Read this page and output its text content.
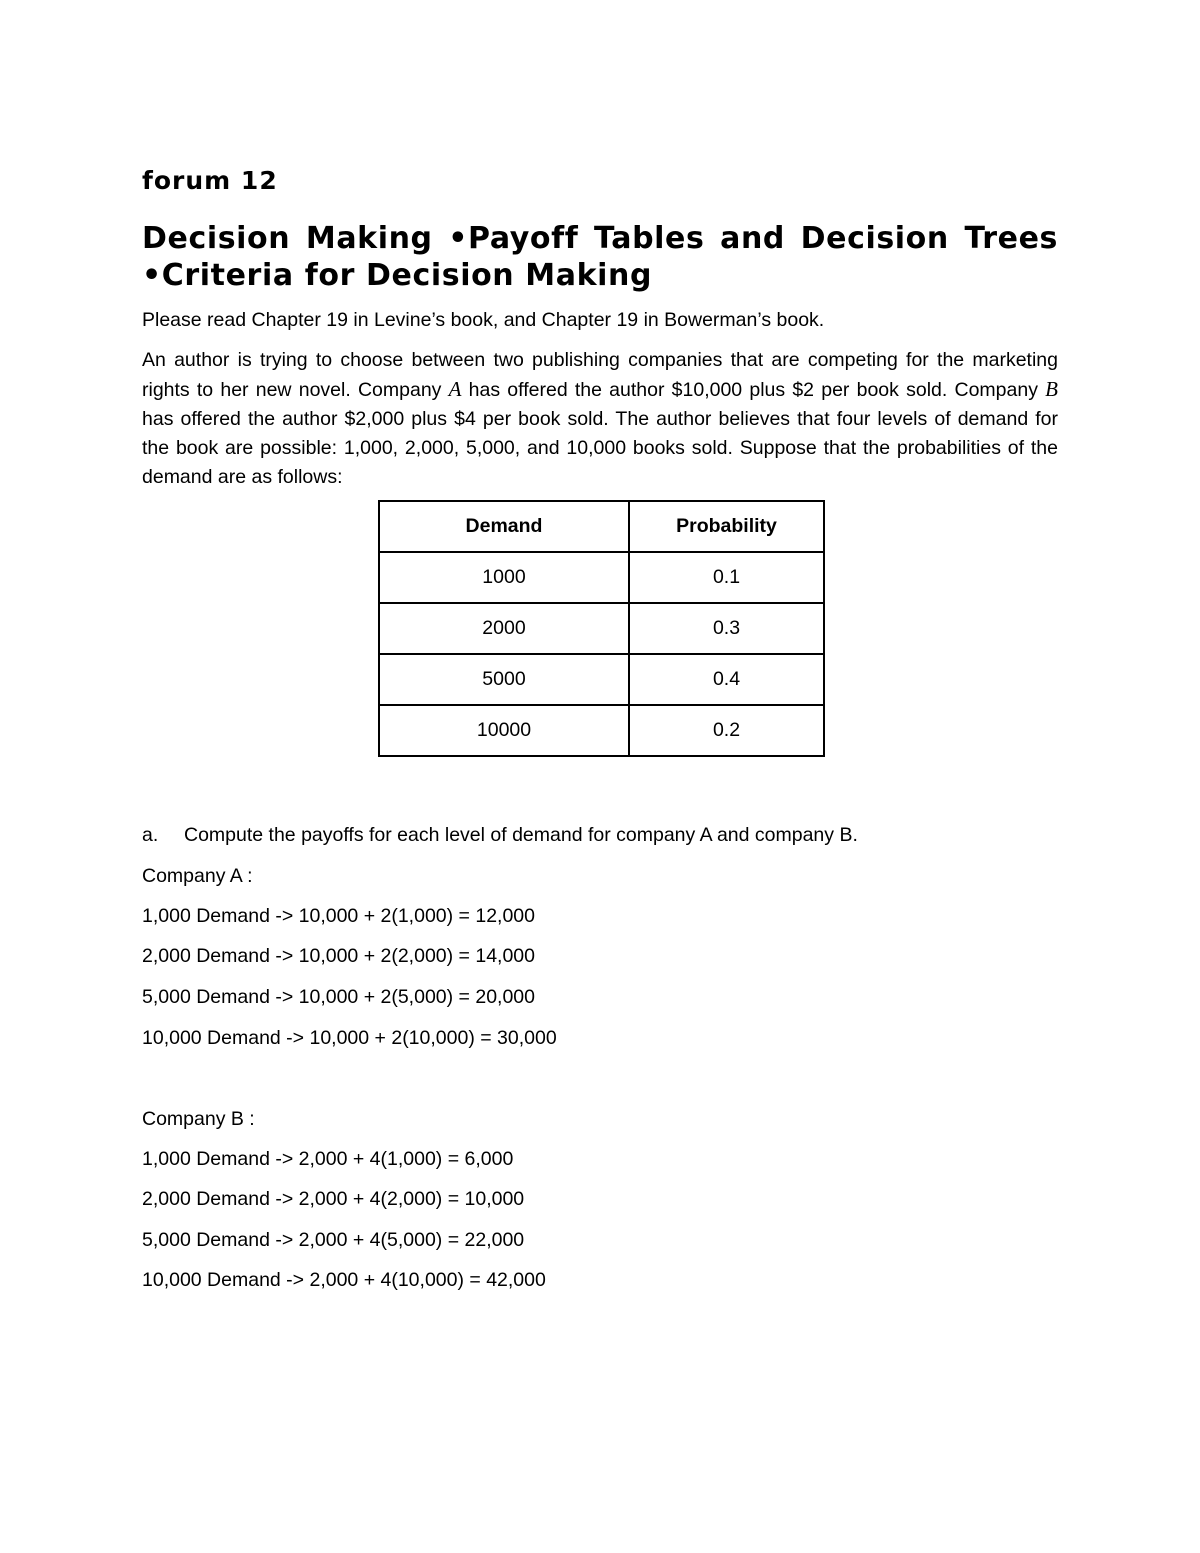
forum 12
Decision Making •Payoff Tables and Decision Trees •Criteria for Decision Making

Please read Chapter 19 in Levine’s book, and Chapter 19 in Bowerman’s book.

An author is trying to choose between two publishing companies that are competing for the marketing rights to her new novel. Company A has offered the author $10,000 plus $2 per book sold. Company B has offered the author $2,000 plus $4 per book sold. The author believes that four levels of demand for the book are possible: 1,000, 2,000, 5,000, and 10,000 books sold. Suppose that the probabilities of the demand are as follows:

Demand	Probability
1000	0.1
2000	0.3
5000	0.4
10000	0.2

a. Compute the payoffs for each level of demand for company A and company B.

Company A :

1,000 Demand -> 10,000 + 2(1,000) = 12,000

2,000 Demand -> 10,000 + 2(2,000) = 14,000

5,000 Demand -> 10,000 + 2(5,000) = 20,000

10,000 Demand -> 10,000 + 2(10,000) = 30,000

Company B :

1,000 Demand -> 2,000 + 4(1,000) = 6,000

2,000 Demand -> 2,000 + 4(2,000) = 10,000

5,000 Demand -> 2,000 + 4(5,000) = 22,000

10,000 Demand -> 2,000 + 4(10,000) = 42,000
